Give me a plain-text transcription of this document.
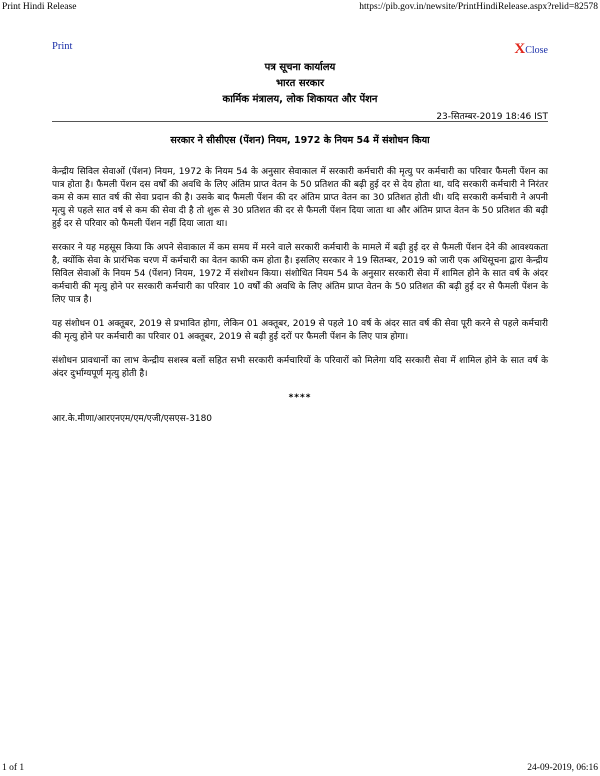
Print Hindi Release	https://pib.gov.in/newsite/PrintHindiRelease.aspx?relid=82578
Print	X Close
पत्र सूचना कार्यालय
भारत सरकार
कार्मिक मंत्रालय, लोक शिकायत और पेंशन
23-सितम्बर-2019 18:46 IST
सरकार ने सीसीएस (पेंशन) नियम, 1972 के नियम 54 में संशोधन किया

केन्द्रीय सिविल सेवाओं (पेंशन) नियम, 1972 के नियम 54 के अनुसार सेवाकाल में सरकारी कर्मचारी की मृत्यु पर कर्मचारी का परिवार फैमली पेंशन का पात्र होता है। फैमली पेंशन दस वर्षों की अवधि के लिए अंतिम प्राप्त वेतन के 50 प्रतिशत की बढ़ी हुई दर से देय होता था, यदि सरकारी कर्मचारी ने निरंतर कम से कम सात वर्ष की सेवा प्रदान की है। उसके बाद फैमली पेंशन की दर अंतिम प्राप्त वेतन का 30 प्रतिशत होती थी। यदि सरकारी कर्मचारी ने अपनी मृत्यु से पहले सात वर्ष से कम की सेवा दी है तो शुरू से 30 प्रतिशत की दर से फैमली पेंशन दिया जाता था और अंतिम प्राप्त वेतन के 50 प्रतिशत की बढ़ी हुई दर से परिवार को फैमली पेंशन नहीं दिया जाता था।

सरकार ने यह महसूस किया कि अपने सेवाकाल में कम समय में मरने वाले सरकारी कर्मचारी के मामले में बढ़ी हुई दर से फैमली पेंशन देने की आवश्यकता है, क्योंकि सेवा के प्रारंभिक चरण में कर्मचारी का वेतन काफी कम होता है। इसलिए सरकार ने 19 सितम्बर, 2019 को जारी एक अधिसूचना द्वारा केन्द्रीय सिविल सेवाओं के नियम 54 (पेंशन) नियम, 1972 में संशोधन किया। संशोधित नियम 54 के अनुसार सरकारी सेवा में शामिल होने के सात वर्ष के अंदर कर्मचारी की मृत्यु होने पर सरकारी कर्मचारी का परिवार 10 वर्षों की अवधि के लिए अंतिम प्राप्त वेतन के 50 प्रतिशत की बढ़ी हुई दर से फैमली पेंशन के लिए पात्र है।

यह संशोधन 01 अक्तूबर, 2019 से प्रभावित होगा, लेकिन 01 अक्तूबर, 2019 से पहले 10 वर्ष के अंदर सात वर्ष की सेवा पूरी करने से पहले कर्मचारी की मृत्यु होने पर कर्मचारी का परिवार 01 अक्तूबर, 2019 से बढ़ी हुई दरों पर फैमली पेंशन के लिए पात्र होगा।

संशोधन प्रावधानों का लाभ केन्द्रीय सशस्त्र बलों सहित सभी सरकारी कर्मचारियों के परिवारों को मिलेगा यदि सरकारी सेवा में शामिल होने के सात वर्ष के अंदर दुर्भाग्यपूर्ण मृत्यु होती है।

****
आर.के.मीणा/आरएनएम/एम/एजी/एसएस-3180
1 of 1	24-09-2019, 06:16
